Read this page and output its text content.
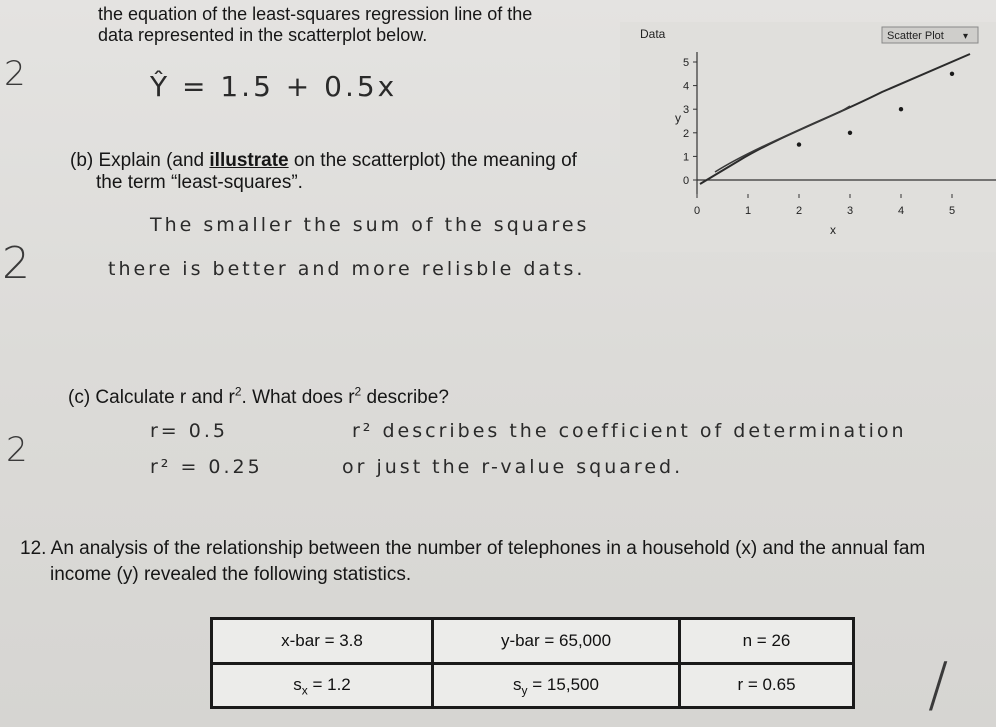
the equation of the least-squares regression line of the
data represented in the scatterplot below.
2	Ŷ = 1.5 + 0.5x
(b) Explain (and illustrate on the scatterplot) the meaning of
the term “least-squares”.
The smaller the sum of the squares
2	there is better and more relisble dats.
(c) Calculate r and $r^2$. What does $r^2$ describe?
2	r= 0.5	r² describes the coefficient of determination
r² = 0.25	or just the r-value squared.
12. An analysis of the relationship between the number of telephones in a household (x) and the annual fam
income (y) revealed the following statistics.
Data	Scatter Plot ▾
0	1	2	3	4	5
0
1
2
3
4
5
y
x
x-bar = 3.8	y-bar = 65,000	n = 26
$s_x = 1.2$	$s_y = 15,500$	r = 0.65 /
